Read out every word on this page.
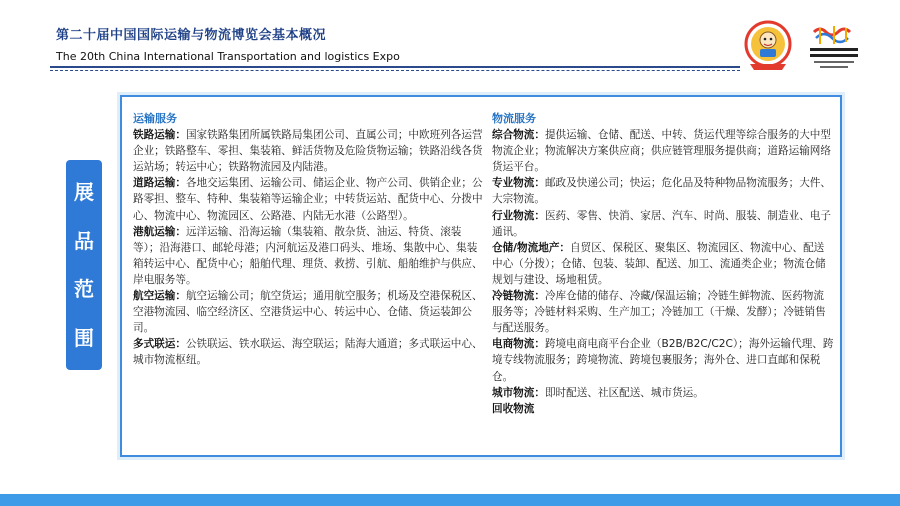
第二十届中国国际运输与物流博览会基本概况
The 20th China International Transportation and logistics Expo
展
品
范
围
运输服务

铁路运输：国家铁路集团所属铁路局集团公司、直属公司；中欧班列各运营企业；铁路整车、零担、集装箱、鲜活货物及危险货物运输；铁路沿线各货运站场；转运中心；铁路物流园及内陆港。

道路运输：各地交运集团、运输公司、储运企业、物产公司、供销企业；公路零担、整车、特种、集装箱等运输企业；中转货运站、配货中心、分拨中心、物流中心、物流园区、公路港、内陆无水港（公路型）。

港航运输：远洋运输、沿海运输（集装箱、散杂货、油运、特货、滚装等）；沿海港口、邮轮母港；内河航运及港口码头、堆场、集散中心、集装箱转运中心、配货中心；船舶代理、理货、救捞、引航、船舶维护与供应、岸电服务等。

航空运输：航空运输公司；航空货运；通用航空服务；机场及空港保税区、空港物流园、临空经济区、空港货运中心、转运中心、仓储、货运装卸公司。

多式联运：公铁联运、铁水联运、海空联运；陆海大通道；多式联运中心、城市物流枢纽。

物流服务

综合物流：提供运输、仓储、配送、中转、货运代理等综合服务的大中型物流企业；物流解决方案供应商；供应链管理服务提供商；道路运输网络货运平台。

专业物流：邮政及快递公司；快运；危化品及特种物品物流服务；大件、大宗物流。

行业物流：医药、零售、快消、家居、汽车、时尚、服装、制造业、电子通讯。

仓储/物流地产：自贸区、保税区、聚集区、物流园区、物流中心、配送中心（分拨）；仓储、包装、装卸、配送、加工、流通类企业；物流仓储规划与建设、场地租赁。

冷链物流：冷库仓储的储存、冷藏/保温运输；冷链生鲜物流、医药物流服务等；冷链材料采购、生产加工；冷链加工（干燥、发酵）；冷链销售与配送服务。

电商物流：跨境电商电商平台企业（B2B/B2C/C2C）；海外运输代理、跨境专线物流服务；跨境物流、跨境包裹服务；海外仓、进口直邮和保税仓。

城市物流：即时配送、社区配送、城市货运。

回收物流
